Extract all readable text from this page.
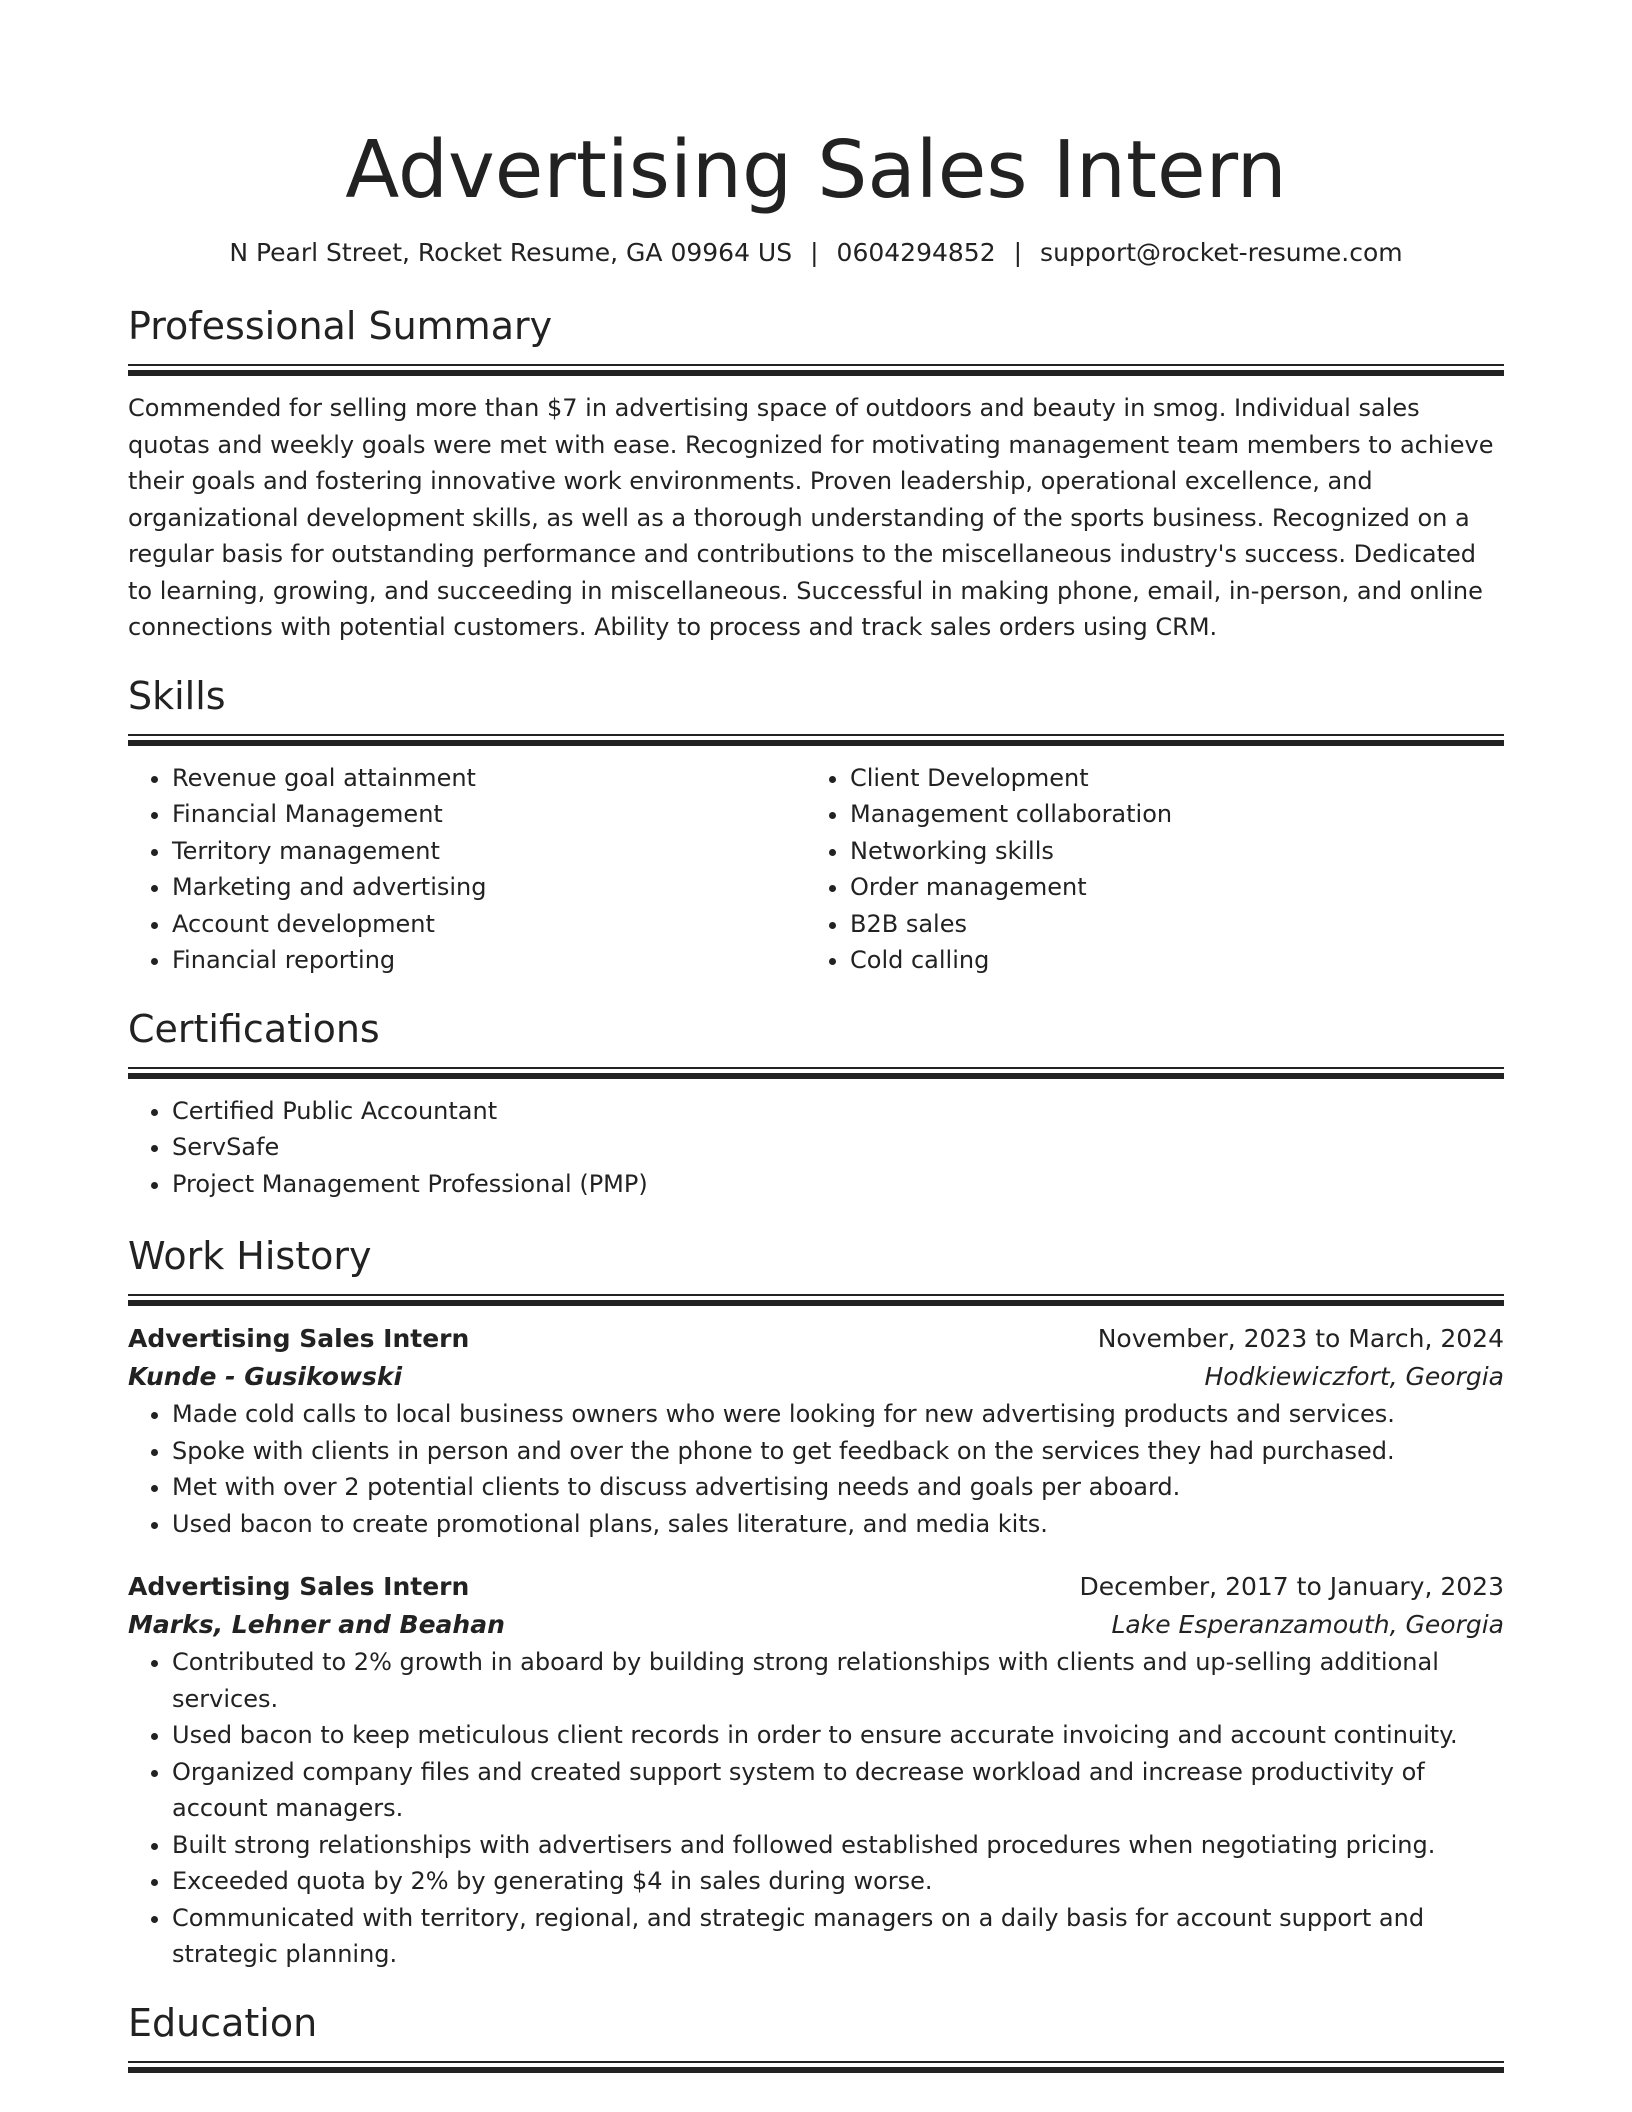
Advertising Sales Intern
N Pearl Street, Rocket Resume, GA 09964 US | 0604294852 | support@rocket-resume.com
Professional Summary
Commended for selling more than $7 in advertising space of outdoors and beauty in smog. Individual sales quotas and weekly goals were met with ease. Recognized for motivating management team members to achieve their goals and fostering innovative work environments. Proven leadership, operational excellence, and organizational development skills, as well as a thorough understanding of the sports business. Recognized on a regular basis for outstanding performance and contributions to the miscellaneous industry's success. Dedicated to learning, growing, and succeeding in miscellaneous. Successful in making phone, email, in-person, and online connections with potential customers. Ability to process and track sales orders using CRM.
Skills
• Revenue goal attainment
• Financial Management
• Territory management
• Marketing and advertising
• Account development
• Financial reporting
• Client Development
• Management collaboration
• Networking skills
• Order management
• B2B sales
• Cold calling
Certifications
• Certified Public Accountant
• ServSafe
• Project Management Professional (PMP)
Work History
Advertising Sales Intern	November, 2023 to March, 2024
Kunde - Gusikowski	Hodkiewiczfort, Georgia
• Made cold calls to local business owners who were looking for new advertising products and services.
• Spoke with clients in person and over the phone to get feedback on the services they had purchased.
• Met with over 2 potential clients to discuss advertising needs and goals per aboard.
• Used bacon to create promotional plans, sales literature, and media kits.
Advertising Sales Intern	December, 2017 to January, 2023
Marks, Lehner and Beahan	Lake Esperanzamouth, Georgia
• Contributed to 2% growth in aboard by building strong relationships with clients and up-selling additional services.
• Used bacon to keep meticulous client records in order to ensure accurate invoicing and account continuity.
• Organized company files and created support system to decrease workload and increase productivity of account managers.
• Built strong relationships with advertisers and followed established procedures when negotiating pricing.
• Exceeded quota by 2% by generating $4 in sales during worse.
• Communicated with territory, regional, and strategic managers on a daily basis for account support and strategic planning.
Education
